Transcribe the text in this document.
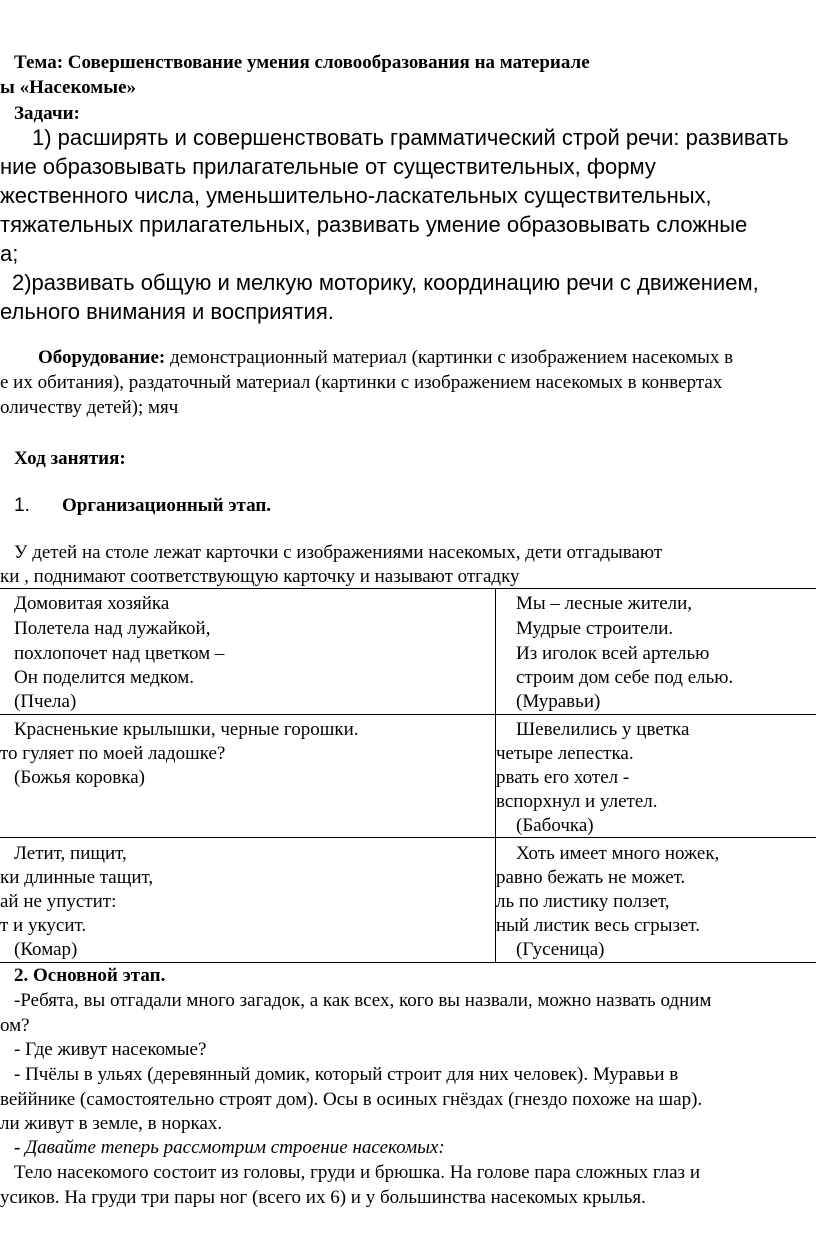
Тема: Совершенствование умения словообразования на материале
ы «Насекомые»
Задачи:
1) расширять и совершенствовать грамматический строй речи: развивать
ние образовывать прилагательные от существительных, форму
жественного числа, уменьшительно-ласкательных существительных,
тяжательных прилагательных, развивать умение образовывать сложные
а;
2)развивать общую и мелкую моторику, координацию речи с движением,
ельного внимания и восприятия.
Оборудование: демонстрационный материал (картинки с изображением насекомых в
е их обитания), раздаточный материал (картинки с изображением насекомых в конвертах
оличеству детей); мяч
Ход занятия:
1. Организационный этап.
У детей на столе лежат карточки с изображениями насекомых, дети отгадывают
ки , поднимают соответствующую карточку и называют отгадку
Домовитая хозяйка
Полетела над лужайкой,
похлопочет над цветком –
Он поделится медком.
(Пчела)
Мы – лесные жители,
Мудрые строители.
Из иголок всей артелью
строим дом себе под елью.
(Муравьи)
Красненькие крылышки, черные горошки.
то гуляет по моей ладошке?
(Божья коровка)
Шевелились у цветка
четыре лепестка.
рвать его хотел -
вспорхнул и улетел.
(Бабочка)
Летит, пищит,
ки длинные тащит,
ай не упустит:
т и укусит.
(Комар)
Хоть имеет много ножек,
равно бежать не может.
ль по листику ползет,
ный листик весь сгрызет.
(Гусеница)
2. Основной этап.
-Ребята, вы отгадали много загадок, а как всех, кого вы назвали, можно назвать одним
ом?
- Где живут насекомые?
- Пчёлы в ульях (деревянный домик, который строит для них человек). Муравьи в
веййнике (самостоятельно строят дом). Осы в осиных гнёздах (гнездо похоже на шар).
ли живут в земле, в норках.
- Давайте теперь рассмотрим строение насекомых:
Тело насекомого состоит из головы, груди и брюшка. На голове пара сложных глаз и
усиков. На груди три пары ног (всего их 6) и у большинства насекомых крылья.
